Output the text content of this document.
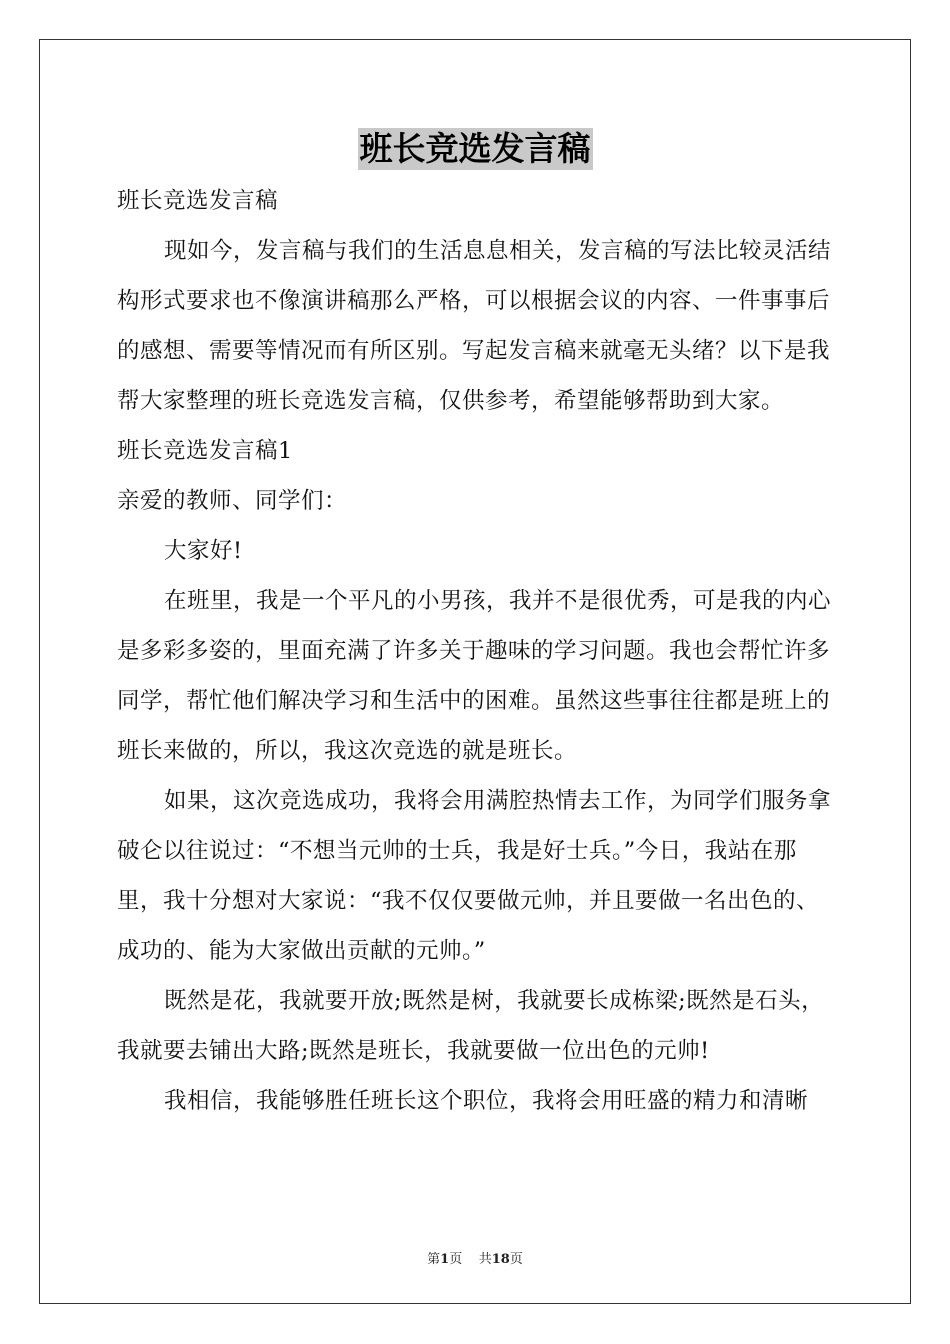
班长竞选发言稿

班长竞选发言稿

现如今，发言稿与我们的生活息息相关，发言稿的写法比较灵活结构形式要求也不像演讲稿那么严格，可以根据会议的内容、一件事事后的感想、需要等情况而有所区别。写起发言稿来就毫无头绪？以下是我帮大家整理的班长竞选发言稿，仅供参考，希望能够帮助到大家。

班长竞选发言稿1

亲爱的教师、同学们：

大家好!

在班里，我是一个平凡的小男孩，我并不是很优秀，可是我的内心是多彩多姿的，里面充满了许多关于趣味的学习问题。我也会帮忙许多同学，帮忙他们解决学习和生活中的困难。虽然这些事往往都是班上的班长来做的，所以，我这次竞选的就是班长。

如果，这次竞选成功，我将会用满腔热情去工作，为同学们服务拿破仑以往说过：“不想当元帅的士兵，我是好士兵。”今日，我站在那里，我十分想对大家说：“我不仅仅要做元帅，并且要做一名出色的、成功的、能为大家做出贡献的元帅。”

既然是花，我就要开放;既然是树，我就要长成栋梁;既然是石头，我就要去铺出大路;既然是班长，我就要做一位出色的元帅!

我相信，我能够胜任班长这个职位，我将会用旺盛的精力和清晰

第1页 共18页
